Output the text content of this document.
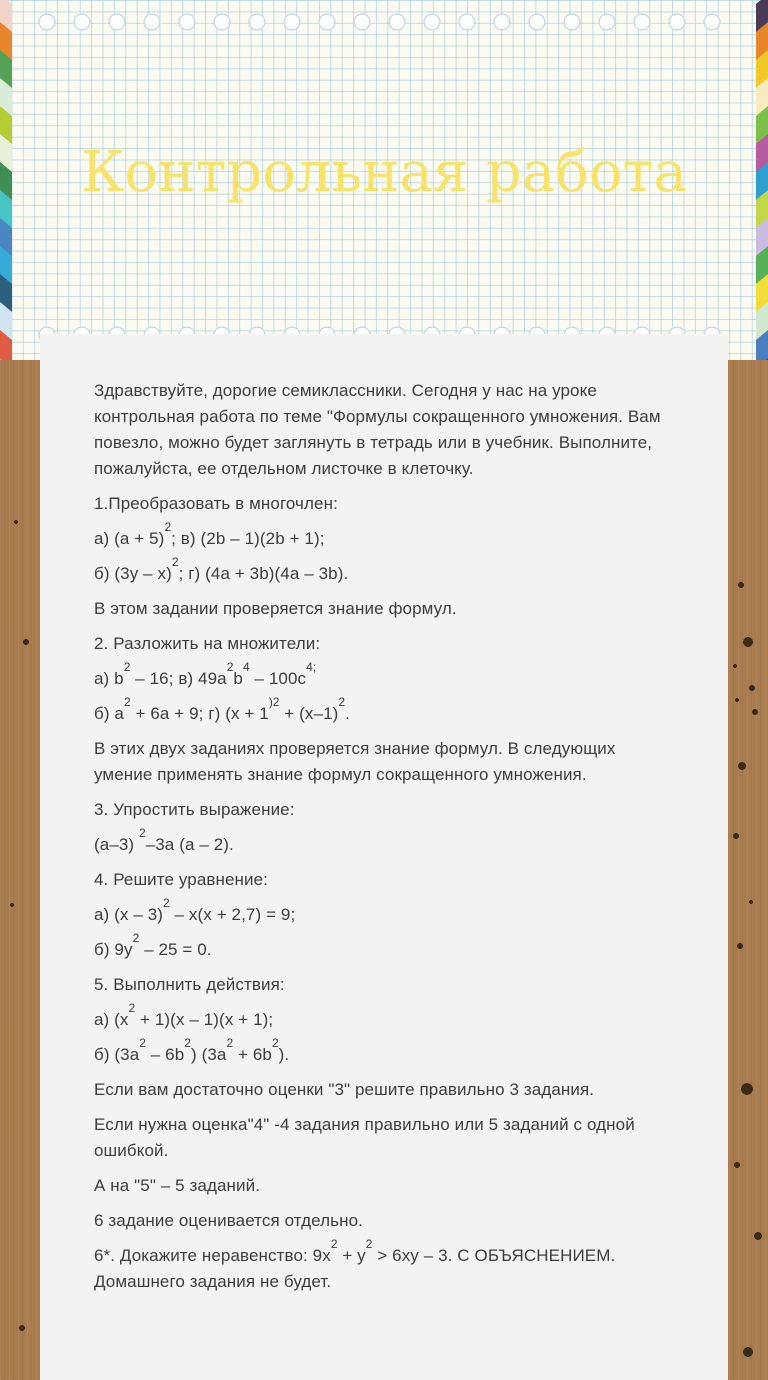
Контрольная работа

Здравствуйте, дорогие семиклассники. Сегодня у нас на уроке контрольная работа по теме "Формулы сокращенного умножения. Вам повезло, можно будет заглянуть в тетрадь или в учебник. Выполните, пожалуйста, ее отдельном листочке в клеточку.

1.Преобразовать в многочлен:

а) $(a + 5)^2$; в) (2b – 1)(2b + 1);

б) (3y – x)$^2$; г) (4a + 3b)(4a – 3b).

В этом задании проверяется знание формул.

2. Разложить на множители:

а) $b^2 - 16$; в) $49a^2b^4 - 100c^{4;}$

б) $a^2 + 6a + 9$; г) ($x + 1^{)2} + (x-1)^2$.

В этих двух заданиях проверяется знание формул. В следующих умение применять знание формул сокращенного умножения.

3. Упростить выражение:

(a–3) $^2$–3a (a – 2).

4. Решите уравнение:

а) (x – 3)$^2$ – x(x + 2,7) = 9;

б) $9y^2 - 25 = 0$.

5. Выполнить действия:

а) $(x^2 + 1)(x - 1)(x + 1)$;

б) $(3a^2 - 6b^2) (3a^2 + 6b^2)$.

Если вам достаточно оценки "3" решите правильно 3 задания.

Если нужна оценка"4" -4 задания правильно или 5 заданий с одной ошибкой.

А на "5" – 5 заданий.

6 задание оценивается отдельно.

6*. Докажите неравенство: $9x^2 + y^2 > 6xy - 3$. С ОБЪЯСНЕНИЕМ. Домашнего задания не будет.
